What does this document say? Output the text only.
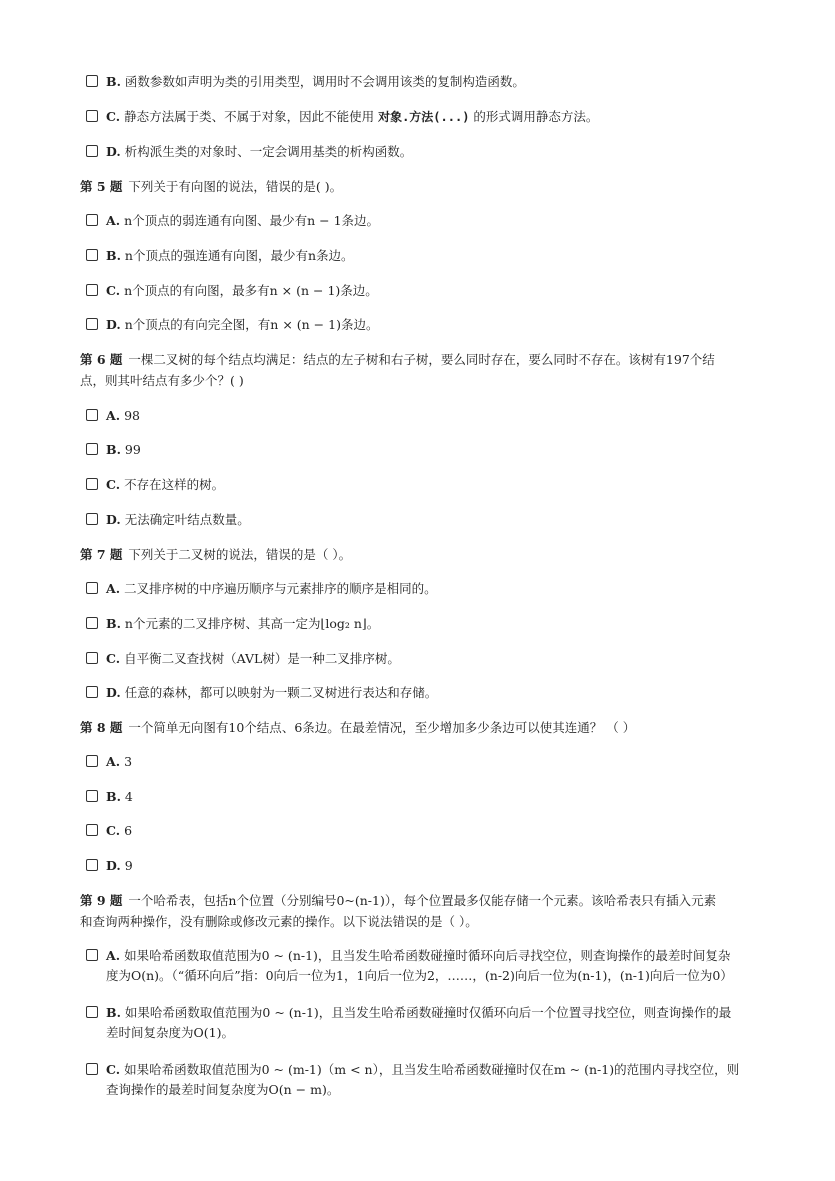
B. 函数参数如声明为类的引用类型，调用时不会调用该类的复制构造函数。
C. 静态方法属于类、不属于对象，因此不能使用 对象.方法(...) 的形式调用静态方法。
D. 析构派生类的对象时、一定会调用基类的析构函数。
第 5 题 下列关于有向图的说法，错误的是( )。
A. n个顶点的弱连通有向图、最少有n − 1条边。
B. n个顶点的强连通有向图，最少有n条边。
C. n个顶点的有向图，最多有n × (n − 1)条边。
D. n个顶点的有向完全图，有n × (n − 1)条边。
第 6 题 一棵二叉树的每个结点均满足：结点的左子树和右子树，要么同时存在，要么同时不存在。该树有197个结
点，则其叶结点有多少个？( )
A. 98
B. 99
C. 不存在这样的树。
D. 无法确定叶结点数量。
第 7 题 下列关于二叉树的说法，错误的是（ ）。
A. 二叉排序树的中序遍历顺序与元素排序的顺序是相同的。
B. n个元素的二叉排序树、其高一定为⌊log₂ n⌋。
C. 自平衡二叉查找树（AVL树）是一种二叉排序树。
D. 任意的森林，都可以映射为一颗二叉树进行表达和存储。
第 8 题 一个简单无向图有10个结点、6条边。在最差情况，至少增加多少条边可以使其连通？ （ ）
A. 3
B. 4
C. 6
D. 9
第 9 题 一个哈希表，包括n个位置（分别编号0~(n-1)），每个位置最多仅能存储一个元素。该哈希表只有插入元素
和查询两种操作，没有删除或修改元素的操作。以下说法错误的是（ ）。
A. 如果哈希函数取值范围为0 ~ (n-1)，且当发生哈希函数碰撞时循环向后寻找空位，则查询操作的最差时间复杂
度为O(n)。（“循环向后”指：0向后一位为1，1向后一位为2，……，(n-2)向后一位为(n-1)，(n-1)向后一位为0）
B. 如果哈希函数取值范围为0 ~ (n-1)，且当发生哈希函数碰撞时仅循环向后一个位置寻找空位，则查询操作的最
差时间复杂度为O(1)。
C. 如果哈希函数取值范围为0 ~ (m-1)（m < n），且当发生哈希函数碰撞时仅在m ~ (n-1)的范围内寻找空位，则
查询操作的最差时间复杂度为O(n − m)。
